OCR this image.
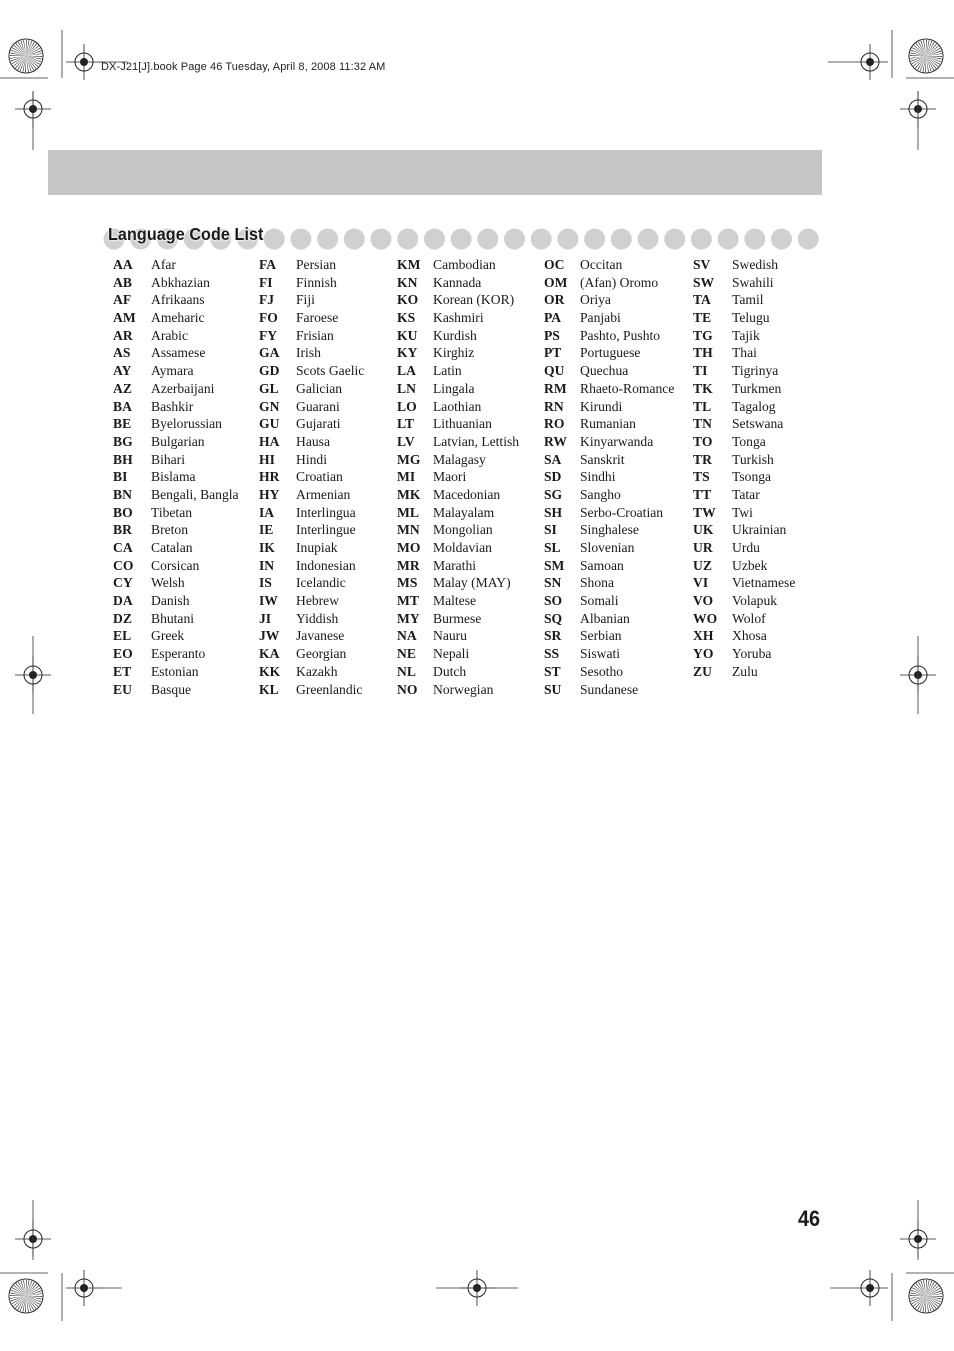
DX-J21[J].book Page 46 Tuesday, April 8, 2008 11:32 AM
Language Code List
AA Afar
AB Abkhazian
AF Afrikaans
AM Ameharic
AR Arabic
AS Assamese
AY Aymara
AZ Azerbaijani
BA Bashkir
BE Byelorussian
BG Bulgarian
BH Bihari
BI Bislama
BN Bengali, Bangla
BO Tibetan
BR Breton
CA Catalan
CO Corsican
CY Welsh
DA Danish
DZ Bhutani
EL Greek
EO Esperanto
ET Estonian
EU Basque
FA Persian
FI Finnish
FJ Fiji
FO Faroese
FY Frisian
GA Irish
GD Scots Gaelic
GL Galician
GN Guarani
GU Gujarati
HA Hausa
HI Hindi
HR Croatian
HY Armenian
IA Interlingua
IE Interlingue
IK Inupiak
IN Indonesian
IS Icelandic
IW Hebrew
JI Yiddish
JW Javanese
KA Georgian
KK Kazakh
KL Greenlandic
KM Cambodian
KN Kannada
KO Korean (KOR)
KS Kashmiri
KU Kurdish
KY Kirghiz
LA Latin
LN Lingala
LO Laothian
LT Lithuanian
LV Latvian, Lettish
MG Malagasy
MI Maori
MK Macedonian
ML Malayalam
MN Mongolian
MO Moldavian
MR Marathi
MS Malay (MAY)
MT Maltese
MY Burmese
NA Nauru
NE Nepali
NL Dutch
NO Norwegian
OC Occitan
OM (Afan) Oromo
OR Oriya
PA Panjabi
PS Pashto, Pushto
PT Portuguese
QU Quechua
RM Rhaeto-Romance
RN Kirundi
RO Rumanian
RW Kinyarwanda
SA Sanskrit
SD Sindhi
SG Sangho
SH Serbo-Croatian
SI Singhalese
SL Slovenian
SM Samoan
SN Shona
SO Somali
SQ Albanian
SR Serbian
SS Siswati
ST Sesotho
SU Sundanese
SV Swedish
SW Swahili
TA Tamil
TE Telugu
TG Tajik
TH Thai
TI Tigrinya
TK Turkmen
TL Tagalog
TN Setswana
TO Tonga
TR Turkish
TS Tsonga
TT Tatar
TW Twi
UK Ukrainian
UR Urdu
UZ Uzbek
VI Vietnamese
VO Volapuk
WO Wolof
XH Xhosa
YO Yoruba
ZU Zulu
46
